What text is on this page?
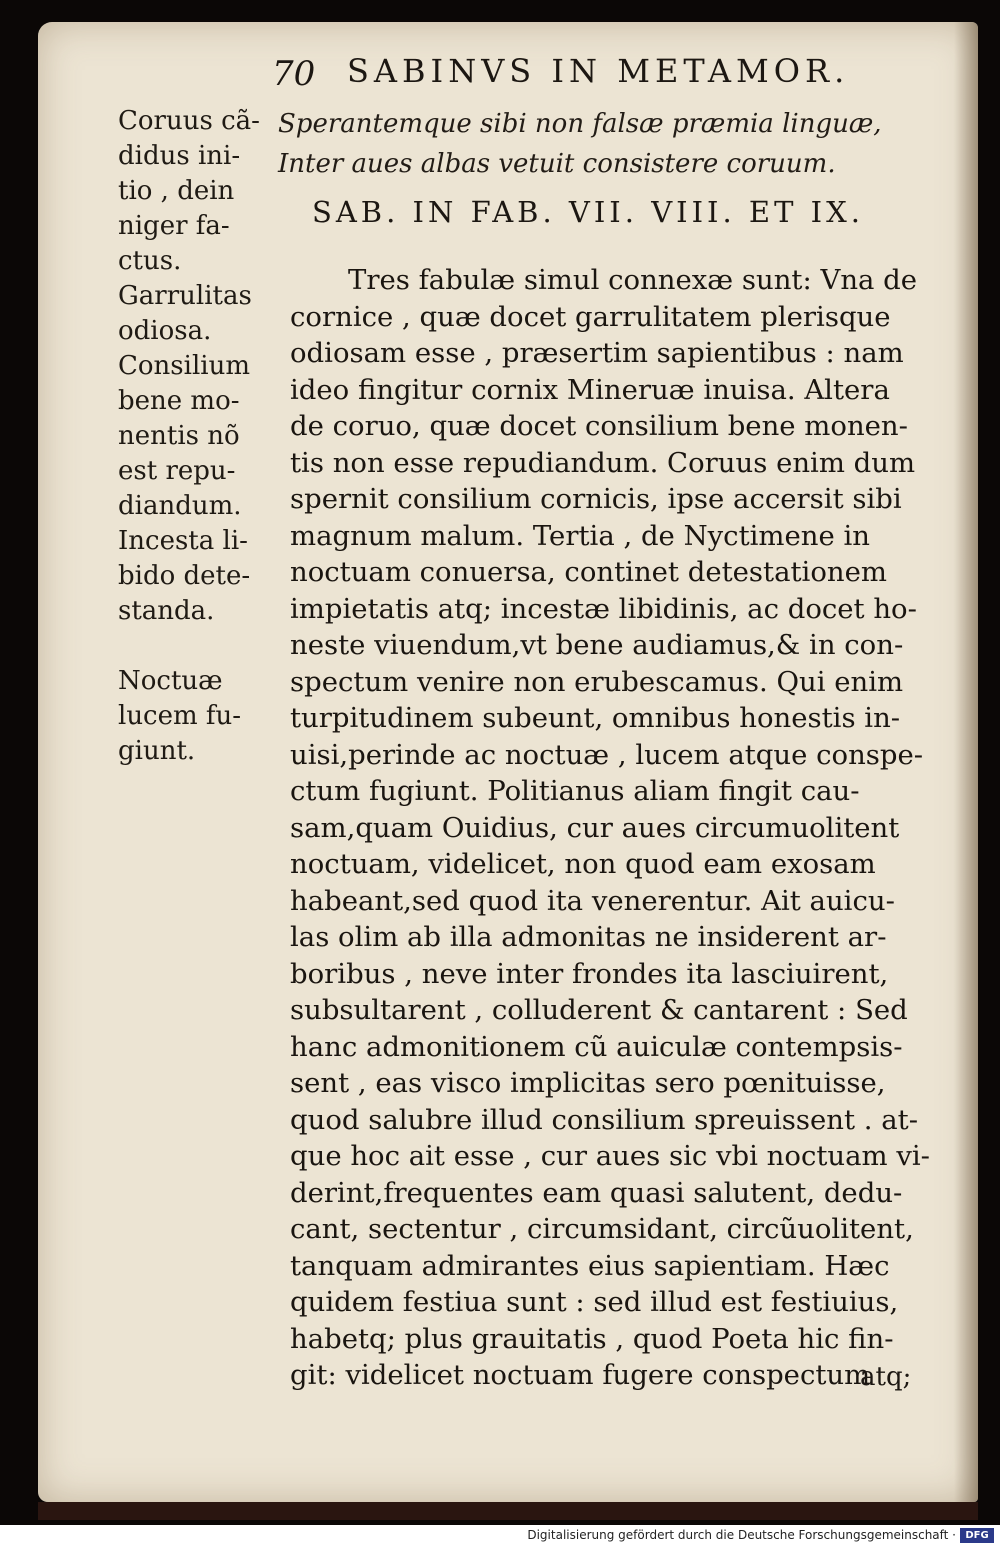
70 SABINVS IN METAMOR.
Sperantemque sibi non falsæ præmia linguæ,
Inter aues albas vetuit consistere coruum.
SAB. IN FAB. VII. VIII. ET IX.
Coruus cã-
didus ini-
tio , dein
niger fa-
ctus.
Garrulitas
odiosa.
Consilium
bene mo-
nentis nõ
est repu-
diandum.
Incesta li-
bido dete-
standa.
Noctuæ
lucem fu-
giunt.
Tres fabulæ simul connexæ sunt: Vna de
cornice , quæ docet garrulitatem plerisque
odiosam esse , præsertim sapientibus : nam
ideo fingitur cornix Mineruæ inuisa. Altera
de coruo, quæ docet consilium bene monen-
tis non esse repudiandum. Coruus enim dum
spernit consilium cornicis, ipse accersit sibi
magnum malum. Tertia , de Nyctimene in
noctuam conuersa, continet detestationem
impietatis atq; incestæ libidinis, ac docet ho-
neste viuendum,vt bene audiamus,& in con-
spectum venire non erubescamus. Qui enim
turpitudinem subeunt, omnibus honestis in-
uisi,perinde ac noctuæ , lucem atque conspe-
ctum fugiunt. Politianus aliam fingit cau-
sam,quam Ouidius, cur aues circumuolitent
noctuam, videlicet, non quod eam exosam
habeant,sed quod ita venerentur. Ait auicu-
las olim ab illa admonitas ne insiderent ar-
boribus , neve inter frondes ita lasciuirent,
subsultarent , colluderent & cantarent : Sed
hanc admonitionem cũ auiculæ contempsis-
sent , eas visco implicitas sero pœnituisse,
quod salubre illud consilium spreuissent . at-
que hoc ait esse , cur aues sic vbi noctuam vi-
derint,frequentes eam quasi salutent, dedu-
cant, sectentur , circumsidant, circũuolitent,
tanquam admirantes eius sapientiam. Hæc
quidem festiua sunt : sed illud est festiuius,
habetq; plus grauitatis , quod Poeta hic fin-
git: videlicet noctuam fugere conspectum
atq;
Digitalisierung gefördert durch die Deutsche Forschungsgemeinschaft · DFG
